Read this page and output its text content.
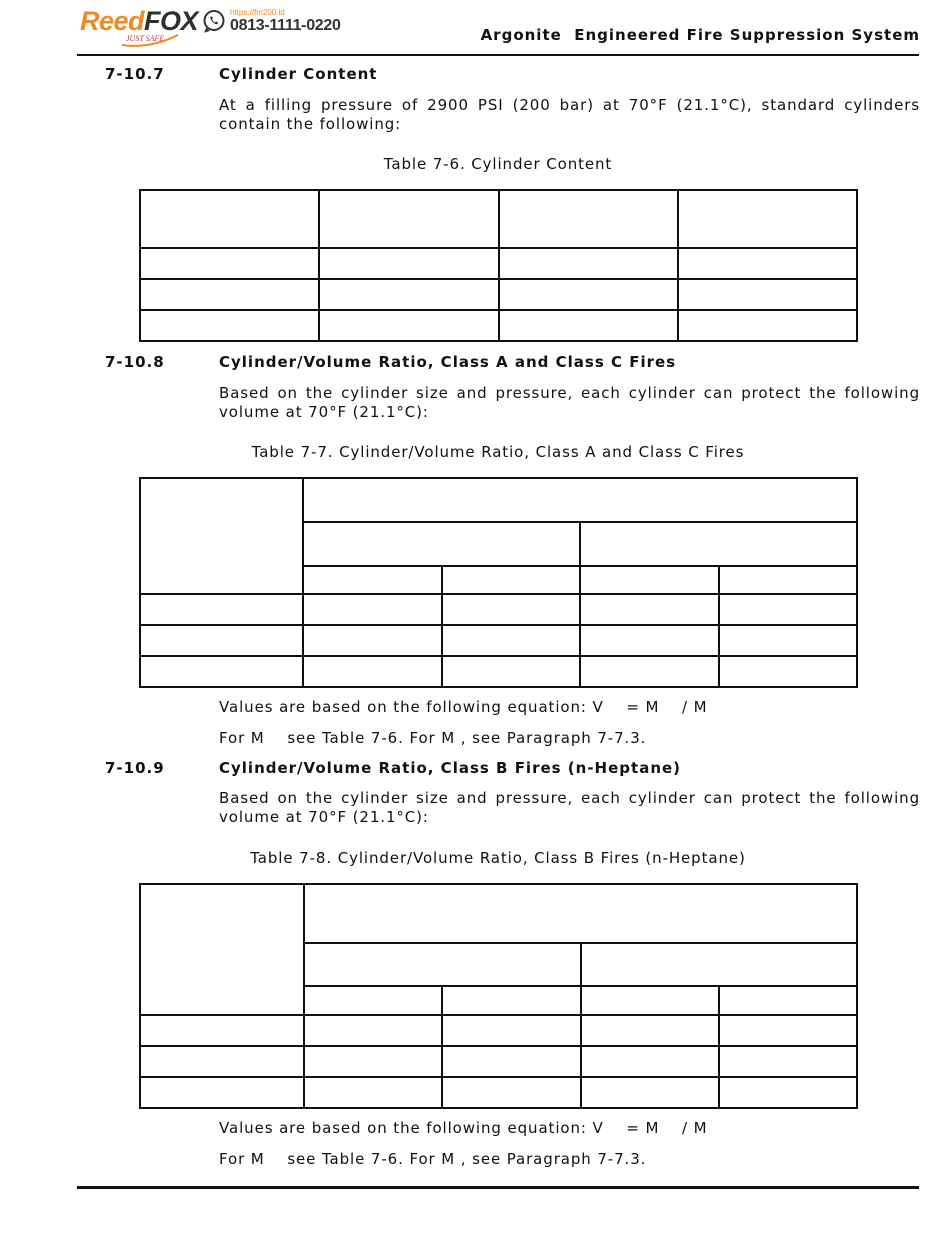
ReedFOX
JUST SAFE
https://fm200.id
0813-1111-0220
Argonite  Engineered Fire Suppression System
7-10.7	Cylinder Content
At a filling pressure of 2900 PSI (200 bar) at 70°F (21.1°C), standard cylinders contain the following:
Table 7-6. Cylinder Content
7-10.8	Cylinder/Volume Ratio, Class A and Class C Fires
Based on the cylinder size and pressure, each cylinder can protect the following volume at 70°F (21.1°C):
Table 7-7. Cylinder/Volume Ratio, Class A and Class C Fires
Values are based on the following equation: V    = M    / M
For M    see Table 7-6. For M , see Paragraph 7-7.3.
7-10.9	Cylinder/Volume Ratio, Class B Fires (n-Heptane)
Based on the cylinder size and pressure, each cylinder can protect the following volume at 70°F (21.1°C):
Table 7-8. Cylinder/Volume Ratio, Class B Fires (n-Heptane)
Values are based on the following equation: V    = M    / M
For M    see Table 7-6. For M , see Paragraph 7-7.3.
